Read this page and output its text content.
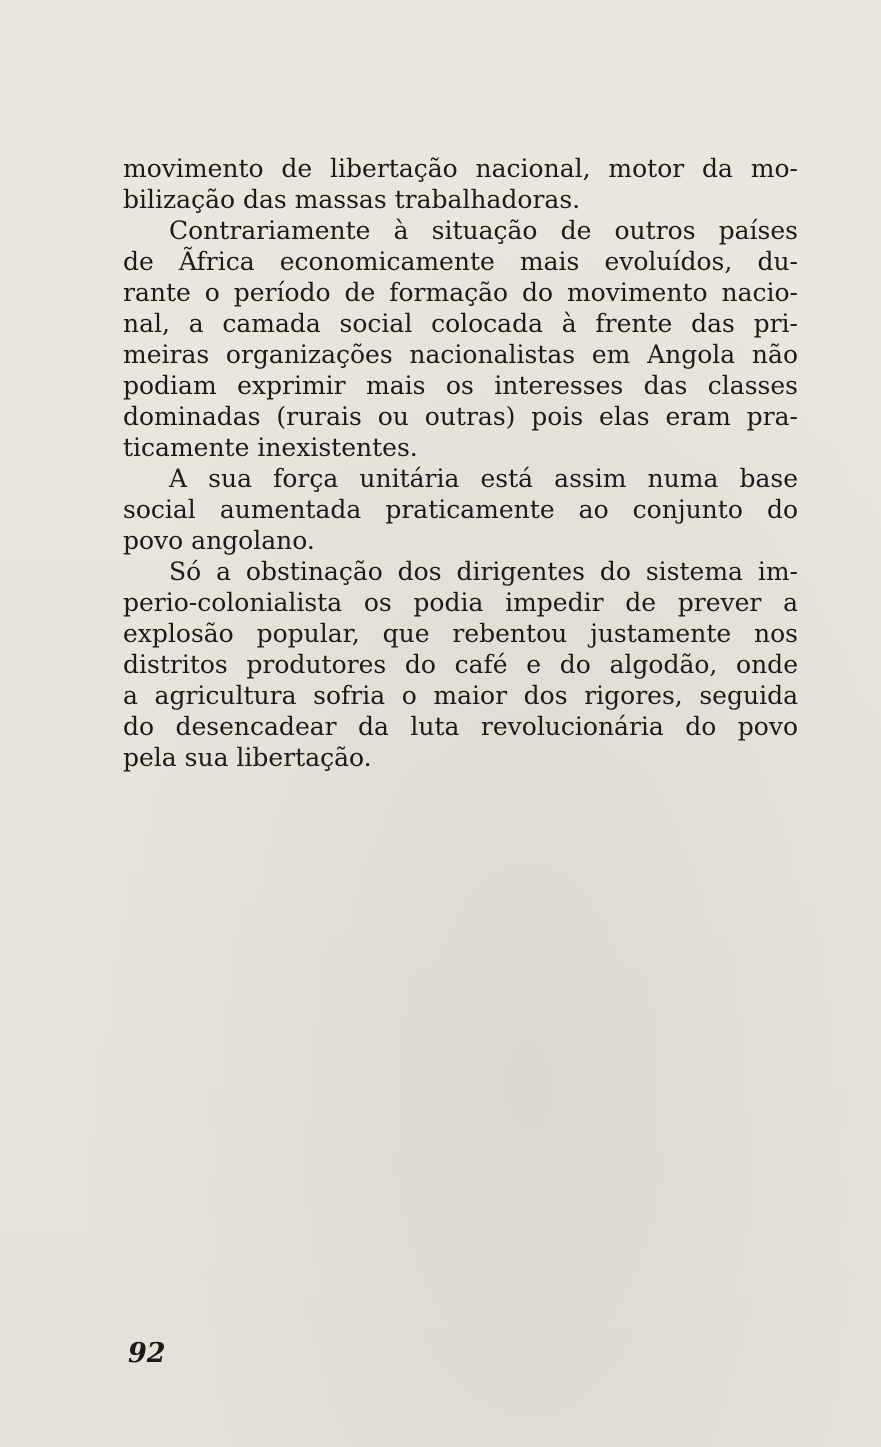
movimento de libertação nacional, motor da mo-
bilização das massas trabalhadoras.
Contrariamente à situação de outros países
de Ãfrica economicamente mais evoluídos, du-
rante o período de formação do movimento nacio-
nal, a camada social colocada à frente das pri-
meiras organizações nacionalistas em Angola não
podiam exprimir mais os interesses das classes
dominadas (rurais ou outras) pois elas eram pra-
ticamente inexistentes.
A sua força unitária está assim numa base
social aumentada praticamente ao conjunto do
povo angolano.
Só a obstinação dos dirigentes do sistema im-
perio-colonialista os podia impedir de prever a
explosão popular, que rebentou justamente nos
distritos produtores do café e do algodão, onde
a agricultura sofria o maior dos rigores, seguida
do desencadear da luta revolucionária do povo
pela sua libertação.
92
